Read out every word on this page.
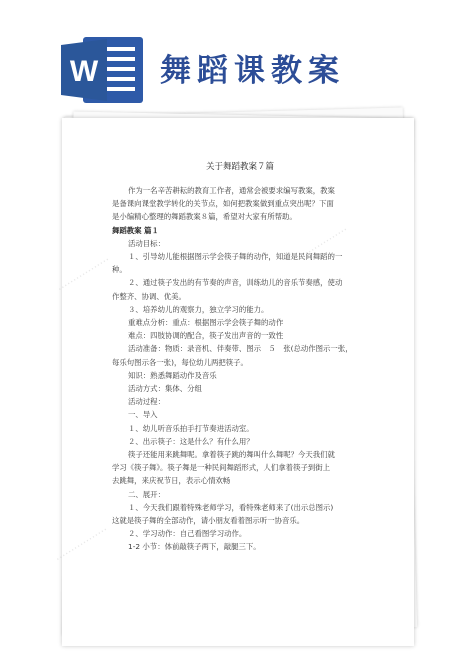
W 舞蹈课教案
·················
·················
·················
关于舞蹈教案７篇
作为一名辛苦耕耘的教育工作者，通常会被要求编写教案，教案
是备课向课堂教学转化的关节点，如何把教案做到重点突出呢？下面
是小编精心整理的舞蹈教案８篇，希望对大家有所帮助。
舞蹈教案 篇１
活动目标：
１、引导幼儿能根据图示学会筷子舞的动作，知道是民间舞蹈的一
种。
２、通过筷子发出的有节奏的声音，训练幼儿的音乐节奏感，使动
作整齐、协调、优美。
３、培养幼儿的观察力，独立学习的能力。
重难点分析：重点：根据图示学会筷子舞的动作
难点：四肢协调的配合，筷子发出声音的一致性
活动准备：物质：录音机、伴奏带、图示　５　张(总动作图示一张，
每乐句图示各一张)，每位幼儿两把筷子。
知识：熟悉舞蹈动作及音乐
活动方式：集体、分组
活动过程：
一、导入
１、幼儿听音乐拍手打节奏进活动室。
２、出示筷子：这是什么？有什么用？
筷子还能用来跳舞呢。拿着筷子跳的舞叫什么舞呢？今天我们就
学习《筷子舞》。筷子舞是一种民间舞蹈形式，人们拿着筷子到街上
去跳舞，来庆祝节日，表示心情欢畅
二、展开：
１、今天我们跟着特殊老师学习，看特殊老师来了(出示总图示)
这就是筷子舞的全部动作，请小朋友看着图示听一协音乐。
２、学习动作：自己看图学习动作。
1-2 小节：体前敲筷子两下，敲腿三下。
